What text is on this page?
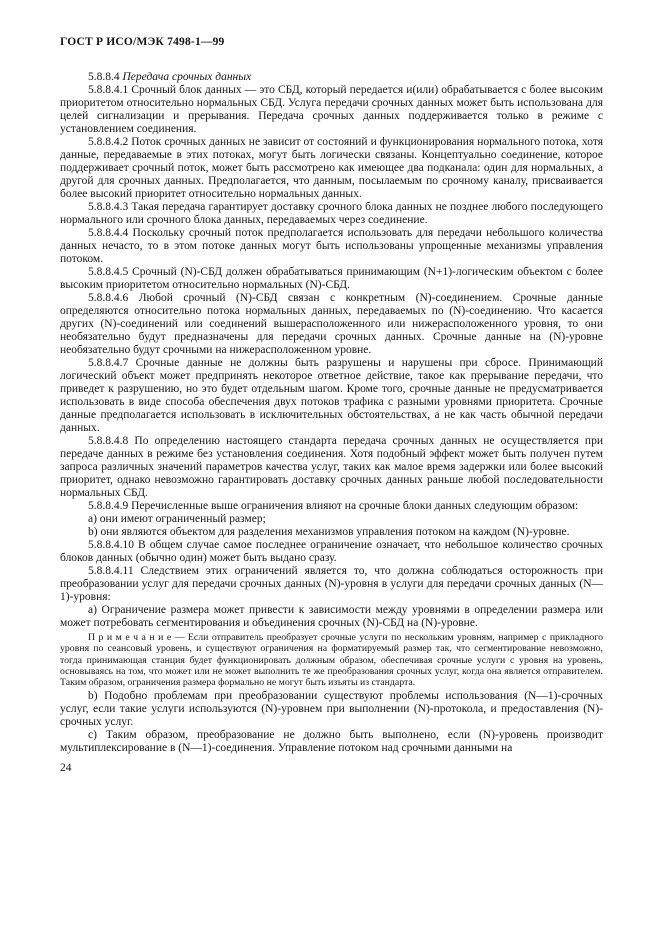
ГОСТ Р ИСО/МЭК 7498-1—99

5.8.8.4 Передача срочных данных

5.8.8.4.1 Срочный блок данных — это СБД, который передается и(или) обрабатывается с более высоким приоритетом относительно нормальных СБД. Услуга передачи срочных данных может быть использована для целей сигнализации и прерывания. Передача срочных данных поддерживается только в режиме с установлением соединения.

5.8.8.4.2 Поток срочных данных не зависит от состояний и функционирования нормального потока, хотя данные, передаваемые в этих потоках, могут быть логически связаны. Концептуально соединение, которое поддерживает срочный поток, может быть рассмотрено как имеющее два подканала: один для нормальных, а другой для срочных данных. Предполагается, что данным, посылаемым по срочному каналу, присваивается более высокий приоритет относительно нормальных данных.

5.8.8.4.3 Такая передача гарантирует доставку срочного блока данных не позднее любого последующего нормального или срочного блока данных, передаваемых через соединение.

5.8.8.4.4 Поскольку срочный поток предполагается использовать для передачи небольшого количества данных нечасто, то в этом потоке данных могут быть использованы упрощенные механизмы управления потоком.

5.8.8.4.5 Срочный (N)-СБД должен обрабатываться принимающим (N+1)-логическим объектом с более высоким приоритетом относительно нормальных (N)-СБД.

5.8.8.4.6 Любой срочный (N)-СБД связан с конкретным (N)-соединением. Срочные данные определяются относительно потока нормальных данных, передаваемых по (N)-соединению. Что касается других (N)-соединений или соединений вышерасположенного или нижерасположенного уровня, то они необязательно будут предназначены для передачи срочных данных. Срочные данные на (N)-уровне необязательно будут срочными на нижерасположенном уровне.

5.8.8.4.7 Срочные данные не должны быть разрушены и нарушены при сбросе. Принимающий логический объект может предпринять некоторое ответное действие, такое как прерывание передачи, что приведет к разрушению, но это будет отдельным шагом. Кроме того, срочные данные не предусматривается использовать в виде способа обеспечения двух потоков трафика с разными уровнями приоритета. Срочные данные предполагается использовать в исключительных обстоятельствах, а не как часть обычной передачи данных.

5.8.8.4.8 По определению настоящего стандарта передача срочных данных не осуществляется при передаче данных в режиме без установления соединения. Хотя подобный эффект может быть получен путем запроса различных значений параметров качества услуг, таких как малое время задержки или более высокий приоритет, однако невозможно гарантировать доставку срочных данных раньше любой последовательности нормальных СБД.

5.8.8.4.9 Перечисленные выше ограничения влияют на срочные блоки данных следующим образом:

a) они имеют ограниченный размер;

b) они являются объектом для разделения механизмов управления потоком на каждом (N)-уровне.

5.8.8.4.10 В общем случае самое последнее ограничение означает, что небольшое количество срочных блоков данных (обычно один) может быть выдано сразу.

5.8.8.4.11 Следствием этих ограничений является то, что должна соблюдаться осторожность при преобразовании услуг для передачи срочных данных (N)-уровня в услуги для передачи срочных данных (N—1)-уровня:

a) Ограничение размера может привести к зависимости между уровнями в определении размера или может потребовать сегментирования и объединения срочных (N)-СБД на (N)-уровне.

П р и м е ч а н и е — Если отправитель преобразует срочные услуги по нескольким уровням, например с прикладного уровня по сеансовый уровень, и существуют ограничения на форматируемый размер так, что сегментирование невозможно, тогда принимающая станция будет функционировать должным образом, обеспечивая срочные услуги с уровня на уровень, основываясь на том, что может или не может выполнить те же преобразования срочных услуг, когда она является отправителем. Таким образом, ограничения размера формально не могут быть изъяты из стандарта.

b) Подобно проблемам при преобразовании существуют проблемы использования (N—1)-срочных услуг, если такие услуги используются (N)-уровнем при выполнении (N)-протокола, и предоставления (N)-срочных услуг.

c) Таким образом, преобразование не должно быть выполнено, если (N)-уровень производит мультиплексирование в (N—1)-соединения. Управление потоком над срочными данными на

24
